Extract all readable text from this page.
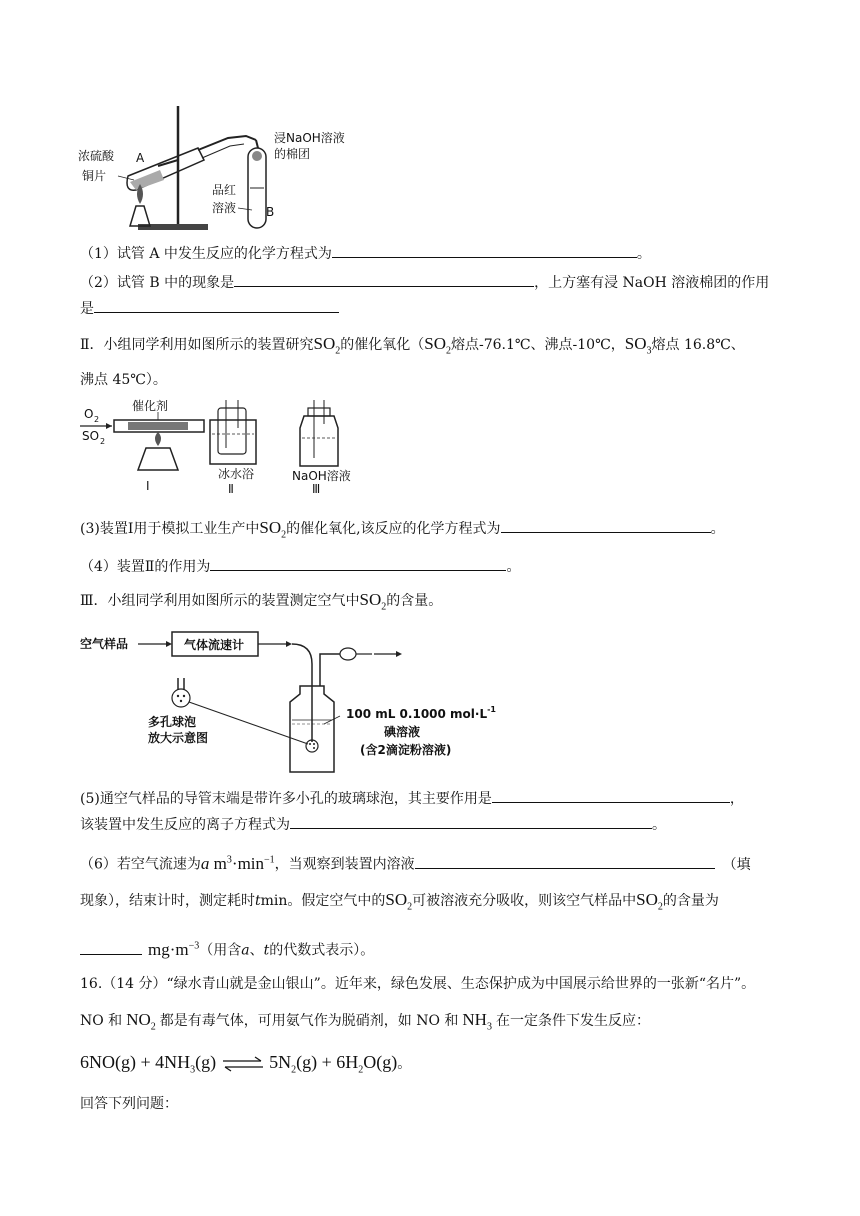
浓硫酸 A
铜片
浸NaOH溶液
的棉团
品红
溶液 B
（1）试管 A 中发生反应的化学方程式为	。
（2）试管 B 中的现象是	，上方塞有浸 NaOH 溶液棉团的作用
是
Ⅱ．小组同学利用如图所示的装置研究$SO_2$的催化氧化（$SO_2$熔点-76.1℃、沸点-10℃，$SO_3$熔点 16.8℃、
沸点 45℃）。
O 2
SO 2
催化剂
Ⅰ
冰水浴
Ⅱ
NaOH溶液
Ⅲ
(3)装置Ⅰ用于模拟工业生产中$SO_2$的催化氧化,该反应的化学方程式为	。
（4）装置Ⅱ的作用为	。
Ⅲ．小组同学利用如图所示的装置测定空气中$SO_2$的含量。
空气样品	气体流速计
多孔球泡
放大示意图
100 mL 0.1000 $mol\cdot L^{-1}$
碘溶液
(含2滴淀粉溶液)
(5)通空气样品的导管末端是带许多小孔的玻璃球泡，其主要作用是	，
该装置中发生反应的离子方程式为	。
（6）若空气流速为a $m^3\cdot\min^{-1}$，当观察到装置内溶液	（填
现象），结束计时，测定耗时tmin。假定空气中的$SO_2$可被溶液充分吸收，则该空气样品中$SO_2$的含量为
$mg\cdot m^{-3}$（用含a、t的代数式表示）。
16.（14 分）“绿水青山就是金山银山”。近年来，绿色发展、生态保护成为中国展示给世界的一张新“名片”。
NO 和 $NO_2$ 都是有毒气体，可用氨气作为脱硝剂，如 NO 和 $NH_3$ 在一定条件下发生反应：
$6NO(g) + 4NH_3(g)$ ⇌ $5N_2(g) + 6H_2O(g)$。
回答下列问题：
